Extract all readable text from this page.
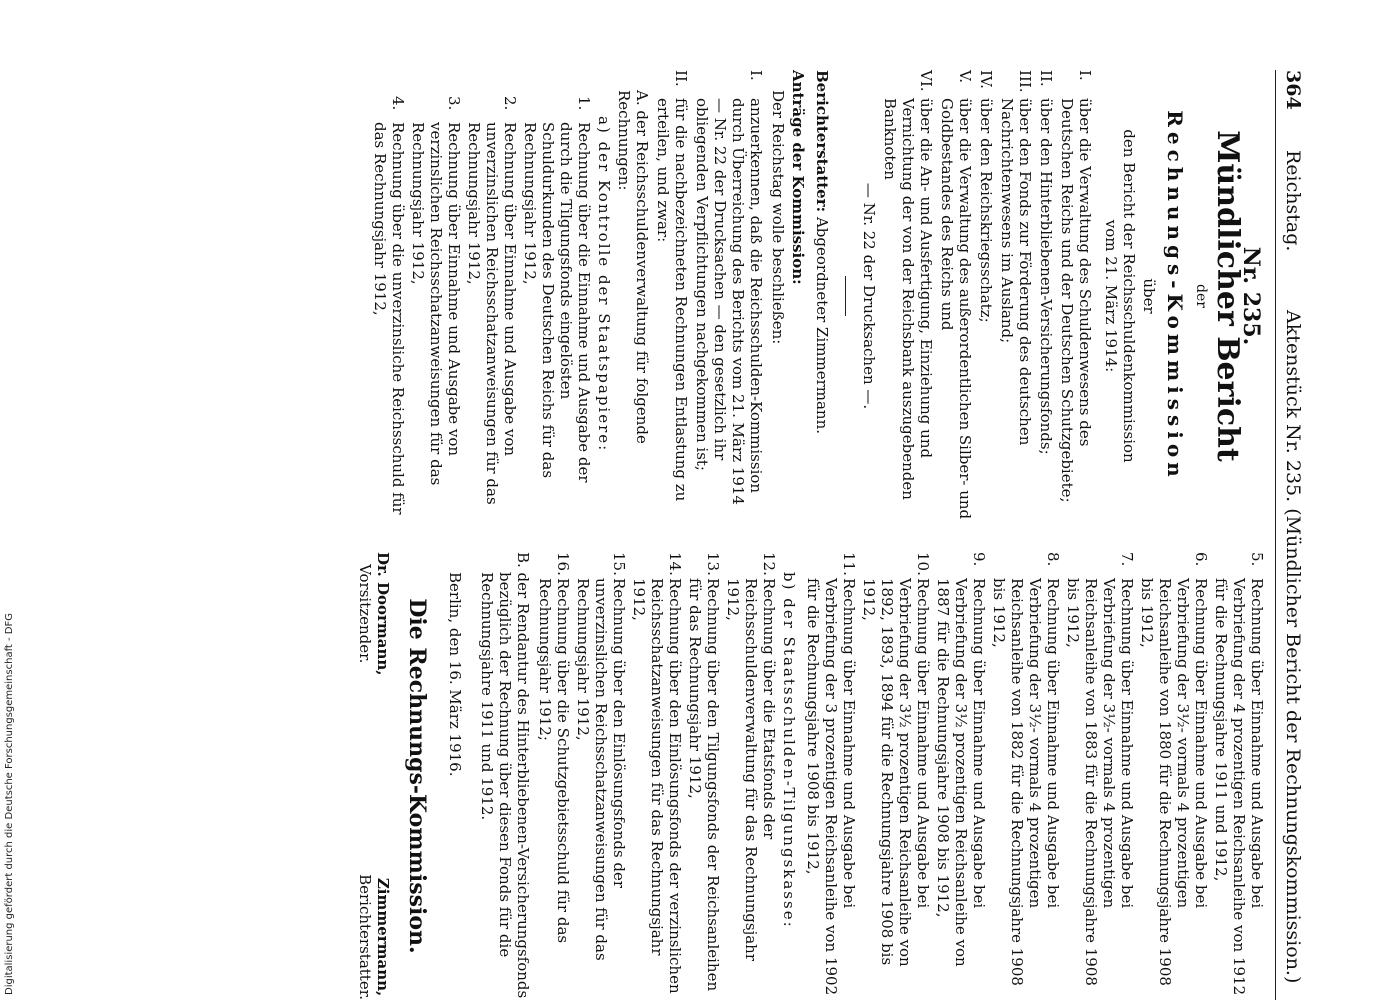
364
Reichstag.
Aktenstück Nr. 235. (Mündlicher Bericht der Rechnungskommission.)
Nr. 235.
Mündlicher Bericht
der
Rechnungs-Kommission
über
den Bericht der Reichsschuldenkommission
vom 21. März 1914:
I.
über die Verwaltung des Schuldenwesens des Deutschen Reichs und der Deutschen Schutzgebiete;
II.
über den Hinterbliebenen-Versicherungsfonds;
III.
über den Fonds zur Förderung des deutschen Nachrichtenwesens im Ausland;
IV.
über den Reichskriegsschatz;
V.
über die Verwaltung des außerordentlichen Silber- und Goldbestandes des Reichs und
VI.
über die An- und Ausfertigung, Einziehung und Vernichtung der von der Reichsbank auszugebenden Banknoten
— Nr. 22 der Drucksachen —.
Berichterstatter: Abgeordneter Zimmermann.
Anträge der Kommission:
Der Reichstag wolle beschließen:
I.
anzuerkennen, daß die Reichsschulden-Kommission durch Überreichung des Berichts vom 21. März 1914 — Nr. 22 der Drucksachen — den gesetzlich ihr obliegenden Verpflichtungen nachgekommen ist;
II.
für die nachbezeichneten Rechnungen Entlastung zu erteilen, und zwar:
A. der Reichsschuldenverwaltung für folgende Rechnungen:
a) der Kontrolle der Staatspapiere:
1.
Rechnung über die Einnahme und Ausgabe der durch die Tilgungsfonds eingelösten Schuldurkunden des Deutschen Reichs für das Rechnungsjahr 1912,
2.
Rechnung über Einnahme und Ausgabe von unverzinslichen Reichsschatzanweisungen für das Rechnungsjahr 1912,
3.
Rechnung über Einnahme und Ausgabe von verzinslichen Reichsschatzanweisungen für das Rechnungsjahr 1912,
4.
Rechnung über die unverzinsliche Reichsschuld für das Rechnungsjahr 1912,
5.
Rechnung über Einnahme und Ausgabe bei Verbriefung der 4 prozentigen Reichsanleihe von 1912 für die Rechnungsjahre 1911 und 1912,
6.
Rechnung über Einnahme und Ausgabe bei Verbriefung der 3½- vormals 4 prozentigen Reichsanleihe von 1880 für die Rechnungsjahre 1908 bis 1912,
7.
Rechnung über Einnahme und Ausgabe bei Verbriefung der 3½- vormals 4 prozentigen Reichsanleihe von 1883 für die Rechnungsjahre 1908 bis 1912,
8.
Rechnung über Einnahme und Ausgabe bei Verbriefung der 3½- vormals 4 prozentigen Reichsanleihe von 1882 für die Rechnungsjahre 1908 bis 1912,
9.
Rechnung über Einnahme und Ausgabe bei Verbriefung der 3½ prozentigen Reichsanleihe von 1887 für die Rechnungsjahre 1908 bis 1912,
10.
Rechnung über Einnahme und Ausgabe bei Verbriefung der 3½ prozentigen Reichsanleihe von 1892, 1893, 1894 für die Rechnungsjahre 1908 bis 1912,
11.
Rechnung über Einnahme und Ausgabe bei Verbriefung der 3 prozentigen Reichsanleihe von 1902 für die Rechnungsjahre 1908 bis 1912,
b) der Staatsschulden-Tilgungskasse:
12.
Rechnung über die Etatsfonds der Reichsschuldenverwaltung für das Rechnungsjahr 1912,
13.
Rechnung über den Tilgungsfonds der Reichsanleihen für das Rechnungsjahr 1912,
14.
Rechnung über den Einlösungsfonds der verzinslichen Reichsschatzanweisungen für das Rechnungsjahr 1912,
15.
Rechnung über den Einlösungsfonds der unverzinslichen Reichsschatzanweisungen für das Rechnungsjahr 1912,
16.
Rechnung über die Schutzgebietsschuld für das Rechnungsjahr 1912;
B. der Rendantur des Hinterbliebenen-Versicherungsfonds
bezüglich der Rechnung über diesen Fonds für die Rechnungsjahre 1911 und 1912.
Berlin, den 16. März 1916.
Die Rechnungs-Kommission.
Dr. Doormann,
Vorsitzender.
Zimmermann,
Berichterstatter.
Digitalisierung gefördert durch die Deutsche Forschungsgemeinschaft - DFG
